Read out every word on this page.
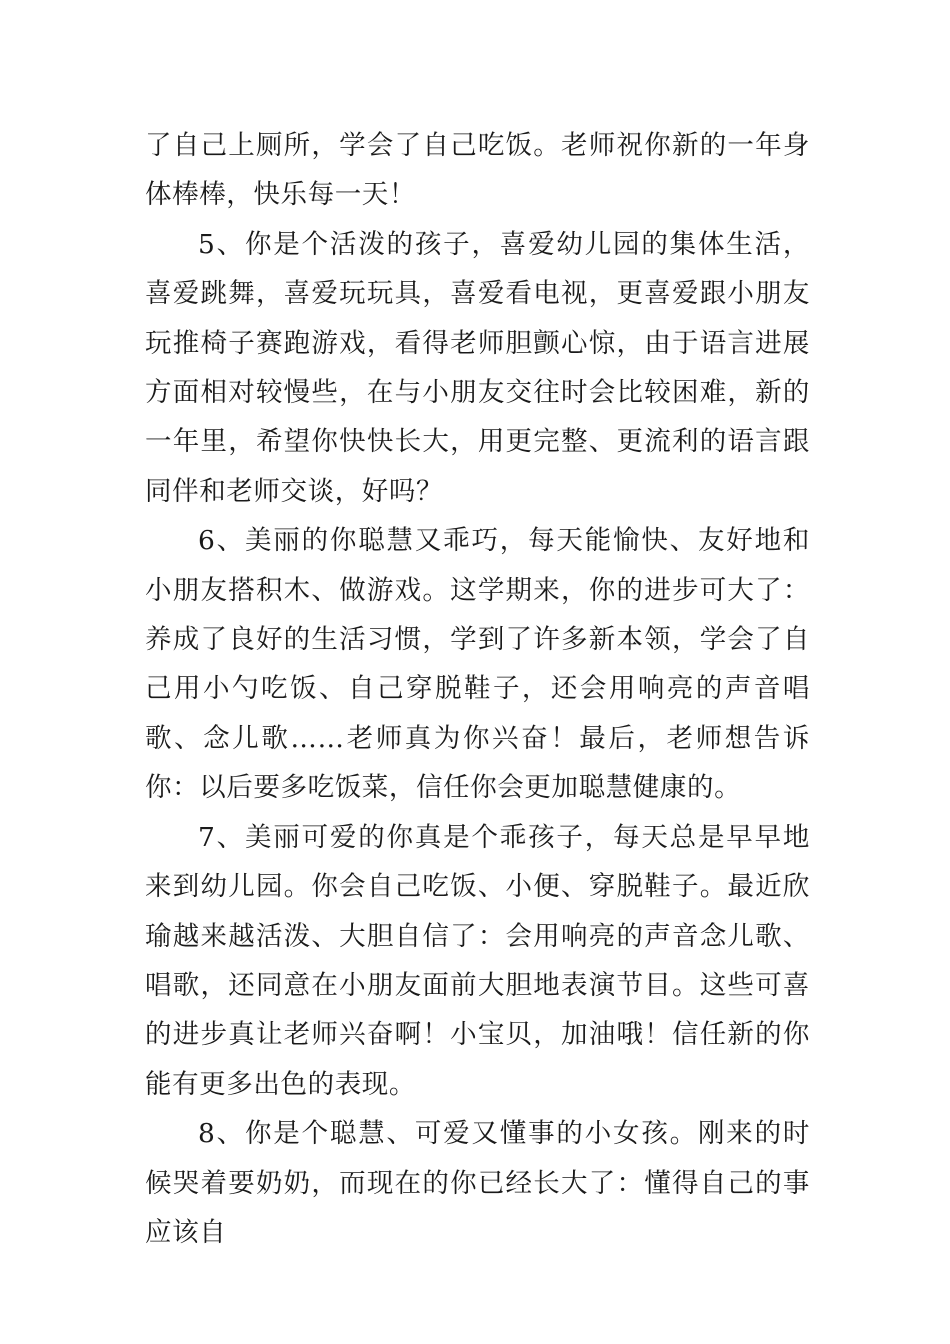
了自己上厕所，学会了自己吃饭。老师祝你新的一年身体棒棒，快乐每一天！

5、你是个活泼的孩子，喜爱幼儿园的集体生活，喜爱跳舞，喜爱玩玩具，喜爱看电视，更喜爱跟小朋友玩推椅子赛跑游戏，看得老师胆颤心惊，由于语言进展方面相对较慢些，在与小朋友交往时会比较困难，新的一年里，希望你快快长大，用更完整、更流利的语言跟同伴和老师交谈，好吗？

6、美丽的你聪慧又乖巧，每天能愉快、友好地和小朋友搭积木、做游戏。这学期来，你的进步可大了：养成了良好的生活习惯，学到了许多新本领，学会了自己用小勺吃饭、自己穿脱鞋子，还会用响亮的声音唱歌、念儿歌……老师真为你兴奋！最后，老师想告诉你：以后要多吃饭菜，信任你会更加聪慧健康的。

7、美丽可爱的你真是个乖孩子，每天总是早早地来到幼儿园。你会自己吃饭、小便、穿脱鞋子。最近欣瑜越来越活泼、大胆自信了：会用响亮的声音念儿歌、唱歌，还同意在小朋友面前大胆地表演节目。这些可喜的进步真让老师兴奋啊！小宝贝，加油哦！信任新的你能有更多出色的表现。

8、你是个聪慧、可爱又懂事的小女孩。刚来的时候哭着要奶奶，而现在的你已经长大了：懂得自己的事应该自
